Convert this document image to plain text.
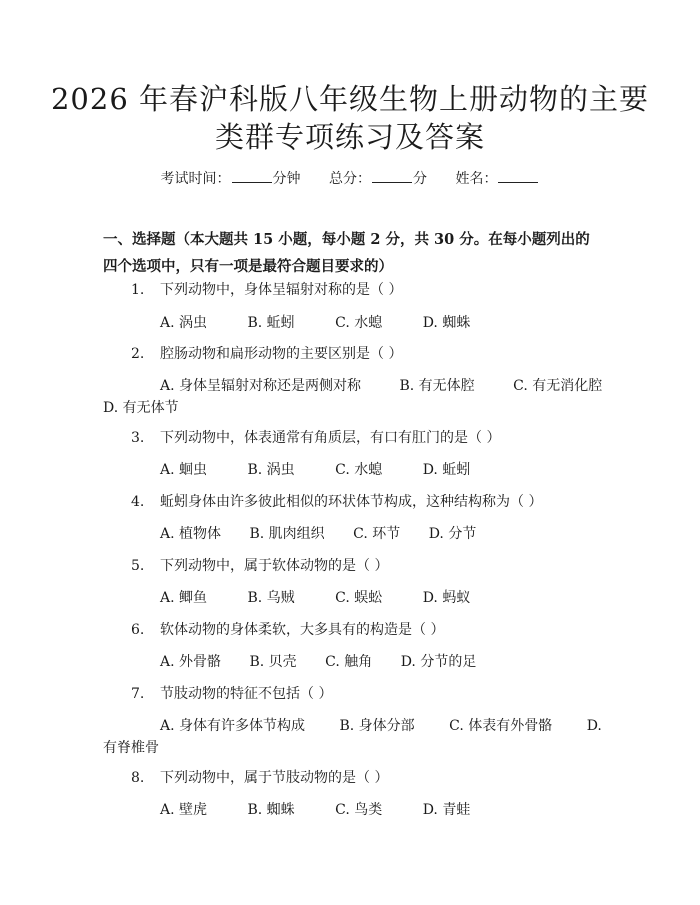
2026 年春沪科版八年级生物上册动物的主要
类群专项练习及答案
考试时间：	分钟 总分：	分 姓名：
一、选择题（本大题共 15 小题，每小题 2 分，共 30 分。在每小题列出的四个选项中，只有一项是最符合题目要求的）
1. 下列动物中，身体呈辐射对称的是（ ）
A. 涡虫	B. 蚯蚓	C. 水螅	D. 蜘蛛
2. 腔肠动物和扁形动物的主要区别是（ ）
A. 身体呈辐射对称还是两侧对称	B. 有无体腔	C. 有无消化腔
D. 有无体节
3. 下列动物中，体表通常有角质层，有口有肛门的是（ ）
A. 蛔虫	B. 涡虫	C. 水螅	D. 蚯蚓
4. 蚯蚓身体由许多彼此相似的环状体节构成，这种结构称为（ ）
A. 植物体 B. 肌肉组织 C. 环节 D. 分节
5. 下列动物中，属于软体动物的是（ ）
A. 鲫鱼	B. 乌贼	C. 蜈蚣	D. 蚂蚁
6. 软体动物的身体柔软，大多具有的构造是（ ）
A. 外骨骼 B. 贝壳 C. 触角 D. 分节的足
7. 节肢动物的特征不包括（ ）
A. 身体有许多体节构成 B. 身体分部 C. 体表有外骨骼 D.
有脊椎骨
8. 下列动物中，属于节肢动物的是（ ）
A. 壁虎	B. 蜘蛛	C. 鸟类	D. 青蛙
